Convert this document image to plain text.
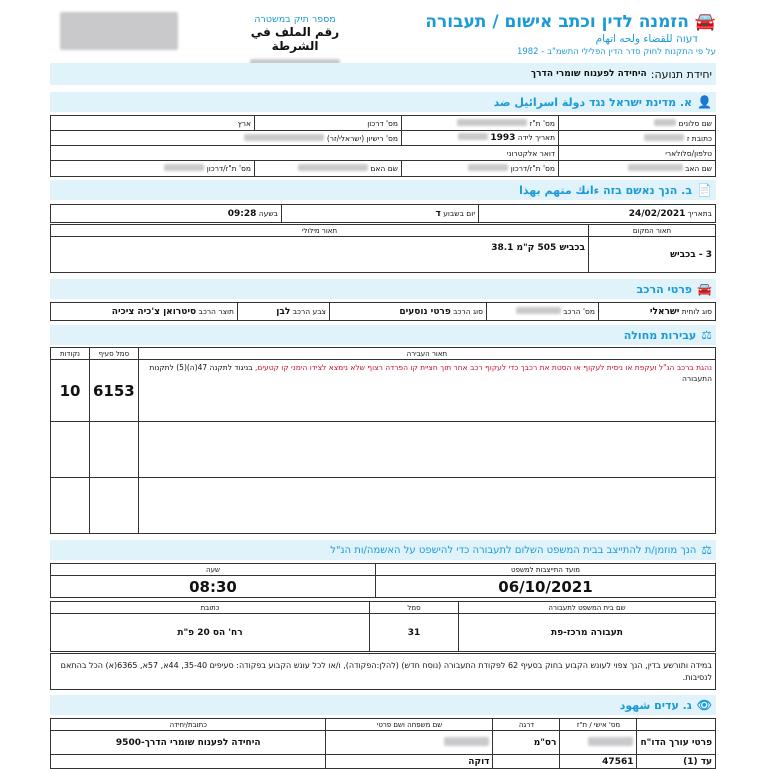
🚘 הזמנה לדין וכתב אישום / תעבורה
דעוה للقضاء ولحه اتهام
על פי התקנות לחוק סדר הדין הפלילי התשמ"ב - 1982
מספר תיק במשטרה
رقم الملف في الشرطة
יחידת תנועה:
היחידה לפענוח שומרי הדרך
👤
א. מדינת ישראל נגד دولة اسرائيل ضد
שם סלונים	מס' ת"ז	מס' דרכון	ארץ
כתובת ז	תאריך לידה 1993	מס' רישיון (ישראלי/זר)	
טלפון/סלולארי	דואר אלקטרוני		
שם האב	מס' ת"ז/דרכון	שם האם	מס' ת"ז/דרכון
📄
ב. הנך נאשם בזה ءانك متهم بهذا
בתאריך 24/02/2021	יום בשבוע ד	בשעה 09:28
תאור המקום	תאור מילולי
3 - בכביש	בכביש 505 ק"מ 38.1
🚘
פרטי הרכב
סוג לוחית ישראלי	מס' הרכב	סוג הרכב פרטי נוסעים	צבע הרכב לבן	תוצר הרכב סיטרואן צ'כיה ציכיה
⚖
עבירות מחולה
תאור העבירה	סמל סעיף	נקודות
נהגת ברכב הנ"ל ועקפת או ניסית לעקוף או הסטת את רכבך כדי לעקוף רכב אחר תוך חציית קו הפרדה רצוף שלא נימצא לצידו הימני קו קטעים, בניגוד לתקנה 47(ה)(5) לתקנות התעבורה	6153	10

⚖
הנך מוזמן/ת להתייצב בבית המשפט השלום לתעבורה כדי להישפט על האשמה/ות הנ"ל
מועד התייצבות למשפט	שעה
06/10/2021	08:30
שם בית המשפט לתעבורה	סמל	כתובת
תעבורה מרכז-פת	31	רח' הס 20 פ"ת
במידה ותורשע בדין, הנך צפוי לעונש הקבוע בחוק בסעיף 62 לפקודת התעבורה (נוסח חדש) (להלן:הפקודה), ו/או לכל עונש הקבוע בפקודה: סעיפים 35-40, 44א, 57א, 6365(א) הכל בהתאם לנסיבות.
👁
ג. עדים شهود
	מס' אישי / ת"ז	דרגה	שם משפחה ושם פרטי	כתובת/יחידה
פרטי עורך הדו"ח		רס"מ		היחידה לפענוח שומרי הדרך-9500
עד (1)	47561		דוקה	
